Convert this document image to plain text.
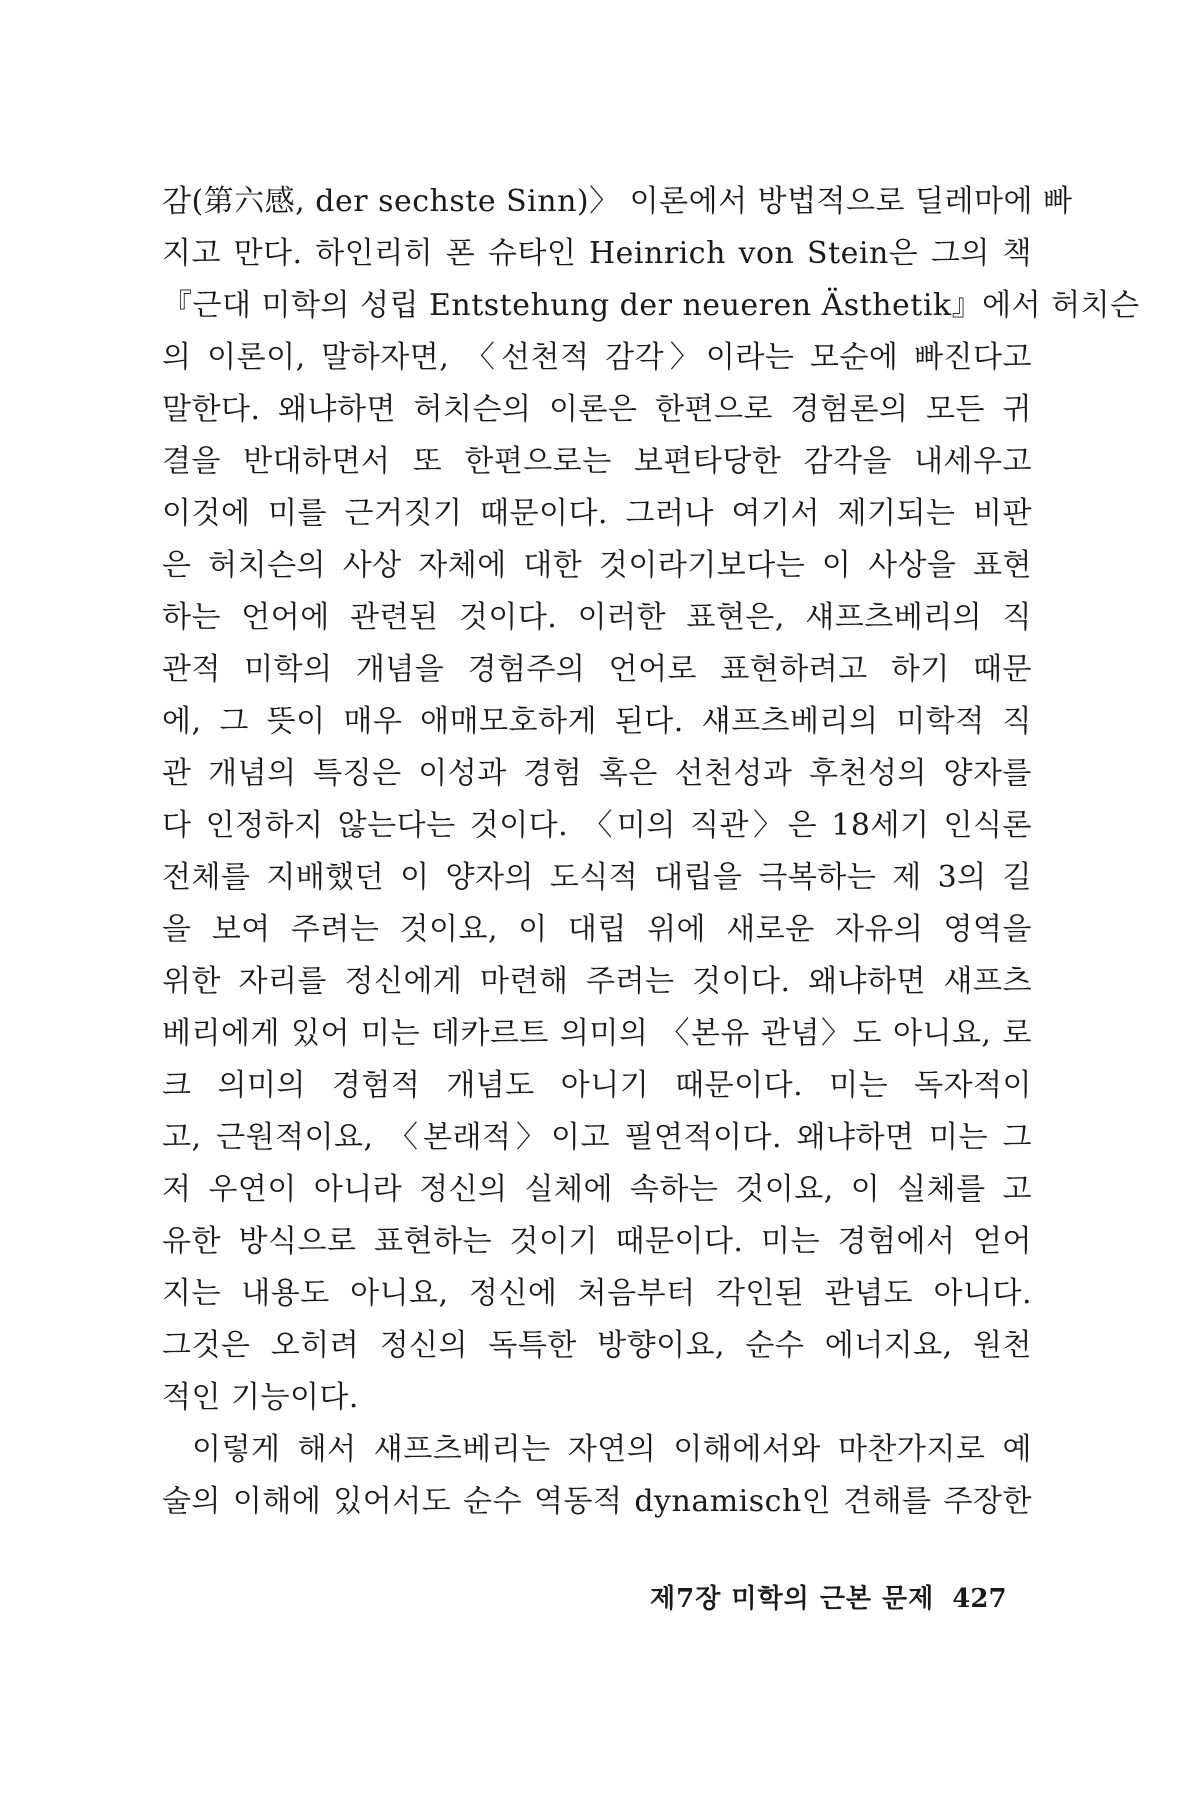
감(第六感, der sechste Sinn)〉 이론에서 방법적으로 딜레마에 빠
지고 만다. 하인리히 폰 슈타인 Heinrich von Stein은 그의 책
『근대 미학의 성립 Entstehung der neueren Ästhetik』에서 허치슨
의 이론이, 말하자면, 〈선천적 감각〉이라는 모순에 빠진다고
말한다. 왜냐하면 허치슨의 이론은 한편으로 경험론의 모든 귀
결을 반대하면서 또 한편으로는 보편타당한 감각을 내세우고
이것에 미를 근거짓기 때문이다. 그러나 여기서 제기되는 비판
은 허치슨의 사상 자체에 대한 것이라기보다는 이 사상을 표현
하는 언어에 관련된 것이다. 이러한 표현은, 섀프츠베리의 직
관적 미학의 개념을 경험주의 언어로 표현하려고 하기 때문
에, 그 뜻이 매우 애매모호하게 된다. 섀프츠베리의 미학적 직
관 개념의 특징은 이성과 경험 혹은 선천성과 후천성의 양자를
다 인정하지 않는다는 것이다. 〈미의 직관〉은 18세기 인식론
전체를 지배했던 이 양자의 도식적 대립을 극복하는 제 3의 길
을 보여 주려는 것이요, 이 대립 위에 새로운 자유의 영역을
위한 자리를 정신에게 마련해 주려는 것이다. 왜냐하면 섀프츠
베리에게 있어 미는 데카르트 의미의 〈본유 관념〉도 아니요, 로
크 의미의 경험적 개념도 아니기 때문이다. 미는 독자적이
고, 근원적이요, 〈본래적〉이고 필연적이다. 왜냐하면 미는 그
저 우연이 아니라 정신의 실체에 속하는 것이요, 이 실체를 고
유한 방식으로 표현하는 것이기 때문이다. 미는 경험에서 얻어
지는 내용도 아니요, 정신에 처음부터 각인된 관념도 아니다.
그것은 오히려 정신의 독특한 방향이요, 순수 에너지요, 원천
적인 기능이다.
이렇게 해서 섀프츠베리는 자연의 이해에서와 마찬가지로 예
술의 이해에 있어서도 순수 역동적 dynamisch인 견해를 주장한
제7장 미학의 근본 문제 427
